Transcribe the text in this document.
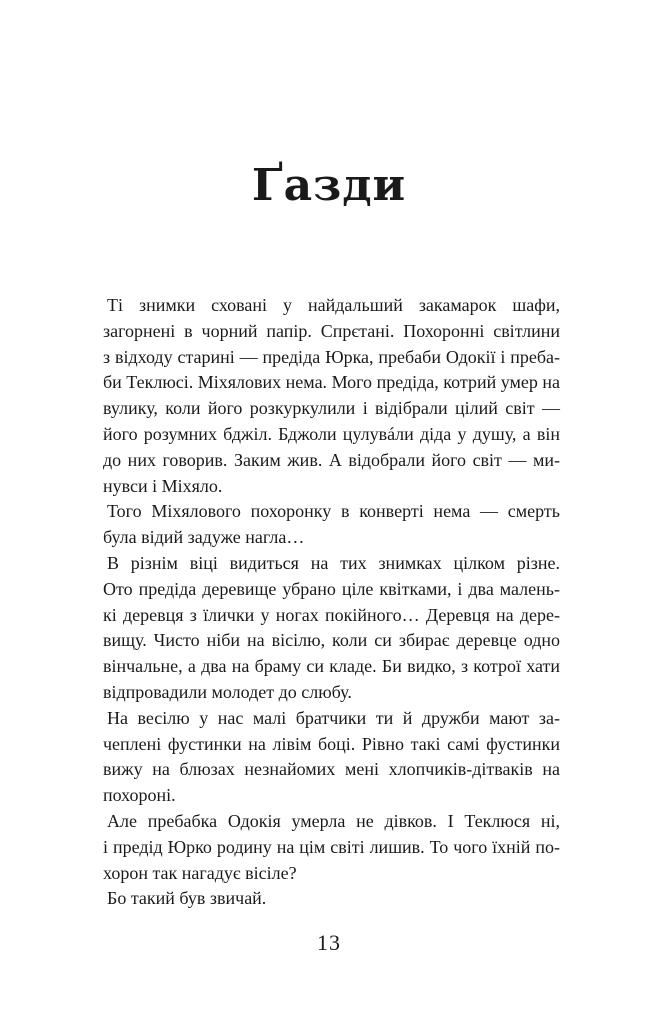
Ґазди
Ті знимки сховані у найдальший закамарок шафи,
загорнені в чорний папір. Спрєтані. Похоронні світлини
з відходу старині — предіда Юрка, пребаби Одокії і преба-
би Теклюсі. Міхялових нема. Мого предіда, котрий умер на
вулику, коли його розкуркулили і відібрали цілий світ —
його розумних бджіл. Бджоли цулувáли діда у душу, а він
до них говорив. Заким жив. А відобрали його світ — ми-
нувси і Міхяло.
Того Міхялового похоронку в конверті нема — смерть
була відий задуже нагла…
В різнім віці видиться на тих знимках цілком різне.
Ото предіда деревище убрано ціле квітками, і два малень-
кі деревця з їлички у ногах покійного… Деревця на дере-
вищу. Чисто ніби на вісілю, коли си збирає деревце одно
вінчальне, а два на браму си кладе. Би видко, з котрої хати
відпровадили молодет до слюбу.
На весілю у нас малі братчики ти й дружби мают за-
чеплені фустинки на лівім боці. Рівно такі самі фустинки
вижу на блюзах незнайомих мені хлопчиків-дітваків на
похороні.
Але пребабка Одокія умерла не дівков. І Теклюся ні,
і предід Юрко родину на цім світі лишив. То чого їхній по-
хорон так нагадує вісіле?
Бо такий був звичай.
13
